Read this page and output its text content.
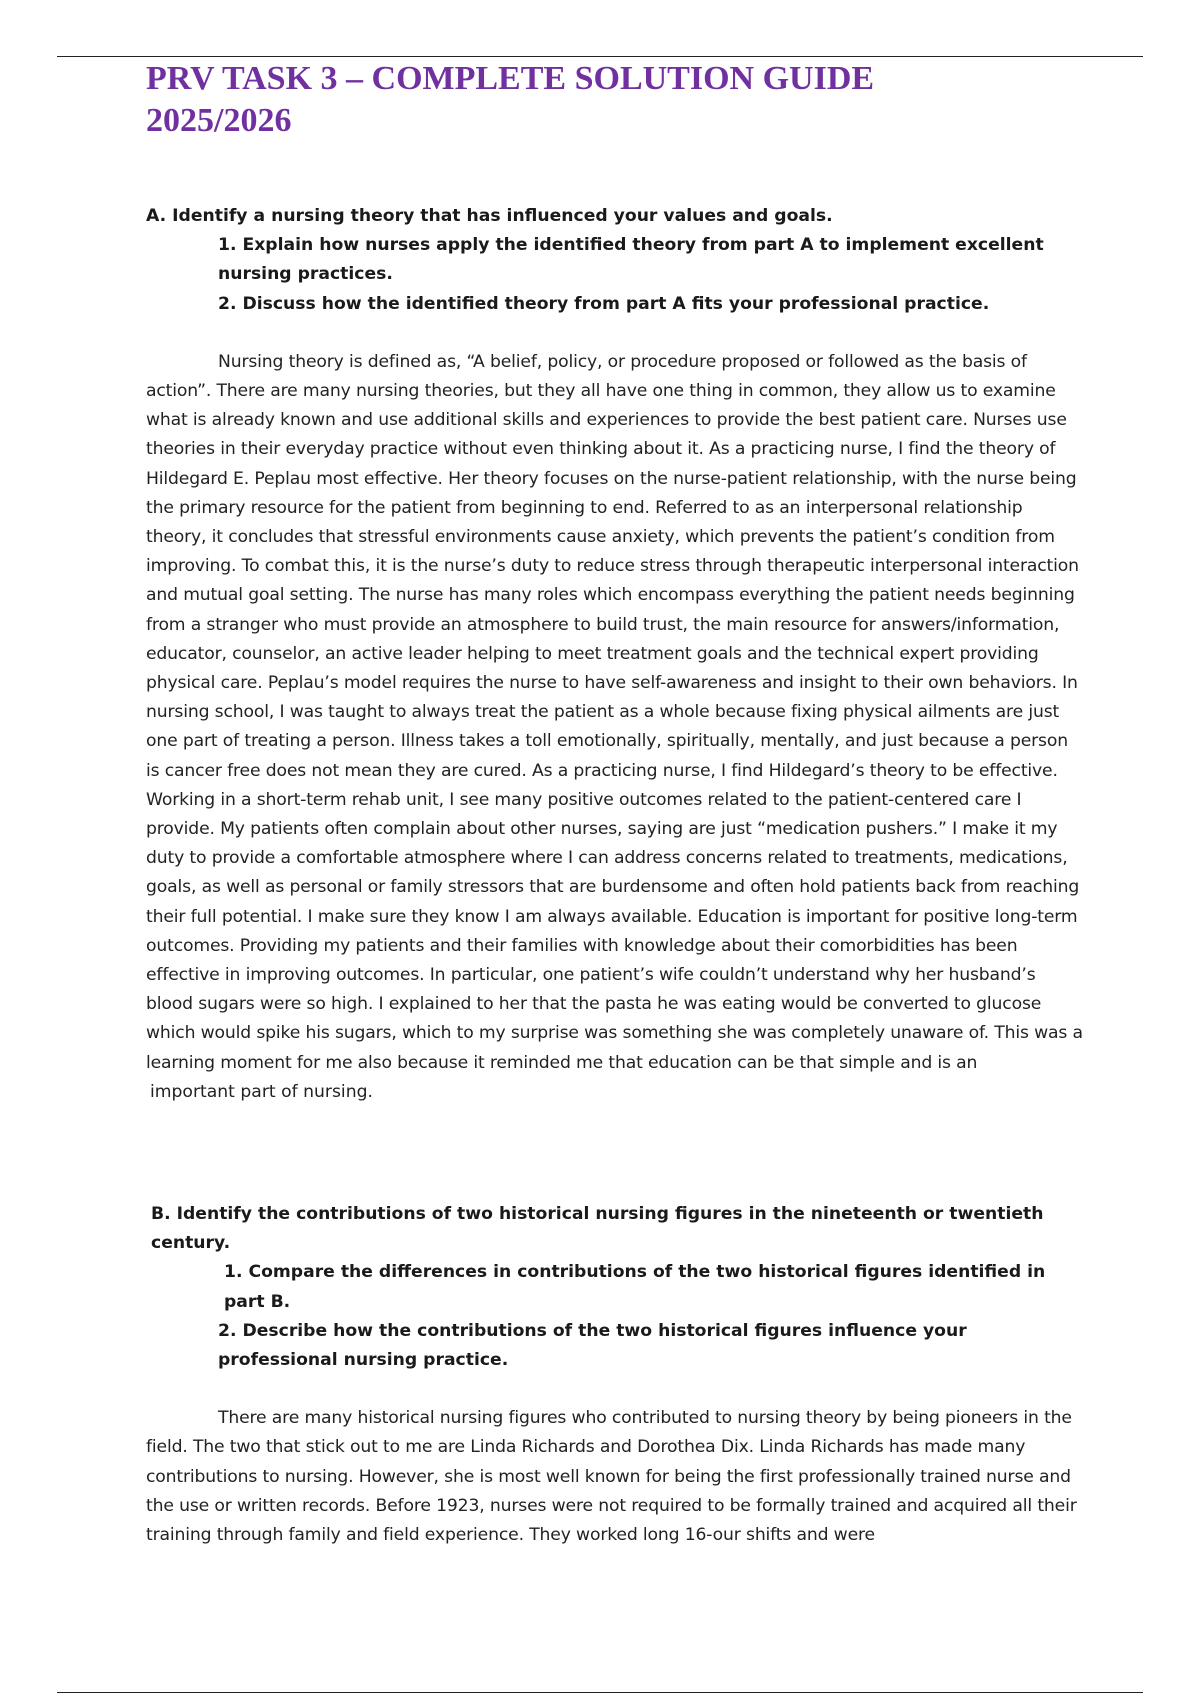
PRV TASK 3 – COMPLETE SOLUTION GUIDE
2025/2026

A. Identify a nursing theory that has influenced your values and goals.

1. Explain how nurses apply the identified theory from part A to implement excellent nursing practices.

2. Discuss how the identified theory from part A fits your professional practice.

Nursing theory is defined as, “A belief, policy, or procedure proposed or followed as the basis of action”. There are many nursing theories, but they all have one thing in common, they allow us to examine what is already known and use additional skills and experiences to provide the best patient care. Nurses use theories in their everyday practice without even thinking about it. As a practicing nurse, I find the theory of Hildegard E. Peplau most effective. Her theory focuses on the nurse-patient relationship, with the nurse being the primary resource for the patient from beginning to end. Referred to as an interpersonal relationship theory, it concludes that stressful environments cause anxiety, which prevents the patient’s condition from improving. To combat this, it is the nurse’s duty to reduce stress through therapeutic interpersonal interaction and mutual goal setting. The nurse has many roles which encompass everything the patient needs beginning from a stranger who must provide an atmosphere to build trust, the main resource for answers/information, educator, counselor, an active leader helping to meet treatment goals and the technical expert providing physical care. Peplau’s model requires the nurse to have self-awareness and insight to their own behaviors. In nursing school, I was taught to always treat the patient as a whole because fixing physical ailments are just one part of treating a person. Illness takes a toll emotionally, spiritually, mentally, and just because a person is cancer free does not mean they are cured. As a practicing nurse, I find Hildegard’s theory to be effective. Working in a short-term rehab unit, I see many positive outcomes related to the patient-centered care I provide. My patients often complain about other nurses, saying are just “medication pushers.” I make it my duty to provide a comfortable atmosphere where I can address concerns related to treatments, medications, goals, as well as personal or family stressors that are burdensome and often hold patients back from reaching their full potential. I make sure they know I am always available. Education is important for positive long-term outcomes. Providing my patients and their families with knowledge about their comorbidities has been effective in improving outcomes. In particular, one patient’s wife couldn’t understand why her husband’s blood sugars were so high. I explained to her that the pasta he was eating would be converted to glucose which would spike his sugars, which to my surprise was something she was completely unaware of. This was a learning moment for me also because it reminded me that education can be that simple and is an

important part of nursing.

B. Identify the contributions of two historical nursing figures in the nineteenth or twentieth century.

1. Compare the differences in contributions of the two historical figures identified in part B.

2. Describe how the contributions of the two historical figures influence your professional nursing practice.

There are many historical nursing figures who contributed to nursing theory by being pioneers in the field. The two that stick out to me are Linda Richards and Dorothea Dix. Linda Richards has made many contributions to nursing. However, she is most well known for being the first professionally trained nurse and the use or written records. Before 1923, nurses were not required to be formally trained and acquired all their training through family and field experience. They worked long 16-our shifts and were
